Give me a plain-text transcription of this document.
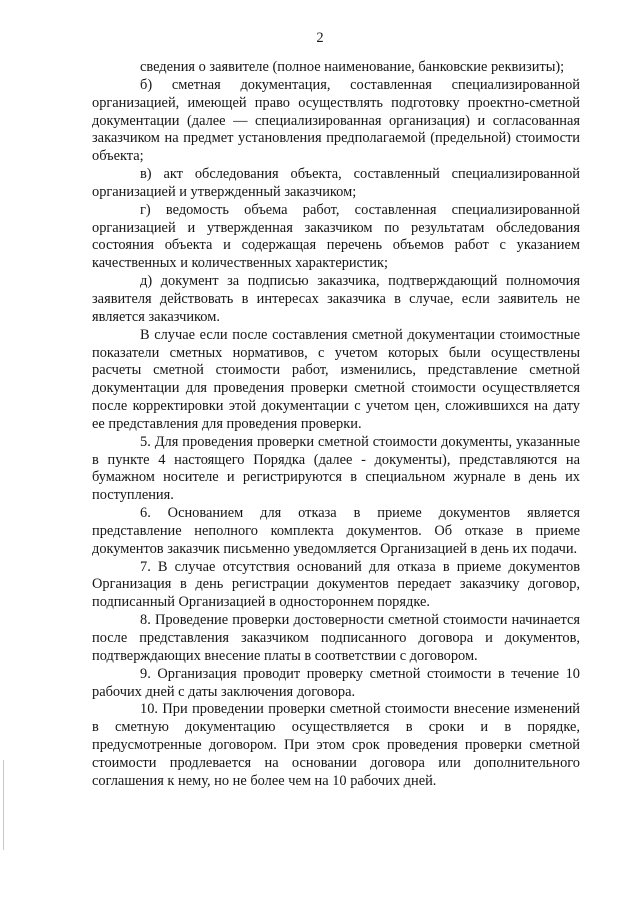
2

сведения о заявителе (полное наименование, банковские реквизиты);

б) сметная документация, составленная специализированной организацией, имеющей право осуществлять подготовку проектно-сметной документации (далее — специализированная организация) и согласованная заказчиком на предмет установления предполагаемой (предельной) стоимости объекта;

в) акт обследования объекта, составленный специализированной организацией и утвержденный заказчиком;

г) ведомость объема работ, составленная специализированной организацией и утвержденная заказчиком по результатам обследования состояния объекта и содержащая перечень объемов работ с указанием качественных и количественных характеристик;

д) документ за подписью заказчика, подтверждающий полномочия заявителя действовать в интересах заказчика в случае, если заявитель не является заказчиком.

В случае если после составления сметной документации стоимостные показатели сметных нормативов, с учетом которых были осуществлены расчеты сметной стоимости работ, изменились, представление сметной документации для проведения проверки сметной стоимости осуществляется после корректировки этой документации с учетом цен, сложившихся на дату ее представления для проведения проверки.

5. Для проведения проверки сметной стоимости документы, указанные в пункте 4 настоящего Порядка (далее - документы), представляются на бумажном носителе и регистрируются в специальном журнале в день их поступления.

6. Основанием для отказа в приеме документов является представление неполного комплекта документов. Об отказе в приеме документов заказчик письменно уведомляется Организацией в день их подачи.

7. В случае отсутствия оснований для отказа в приеме документов Организация в день регистрации документов передает заказчику договор, подписанный Организацией в одностороннем порядке.

8. Проведение проверки достоверности сметной стоимости начинается после представления заказчиком подписанного договора и документов, подтверждающих внесение платы в соответствии с договором.

9. Организация проводит проверку сметной стоимости в течение 10 рабочих дней с даты заключения договора.

10. При проведении проверки сметной стоимости внесение изменений в сметную документацию осуществляется в сроки и в порядке, предусмотренные договором. При этом срок проведения проверки сметной стоимости продлевается на основании договора или дополнительного соглашения к нему, но не более чем на 10 рабочих дней.
